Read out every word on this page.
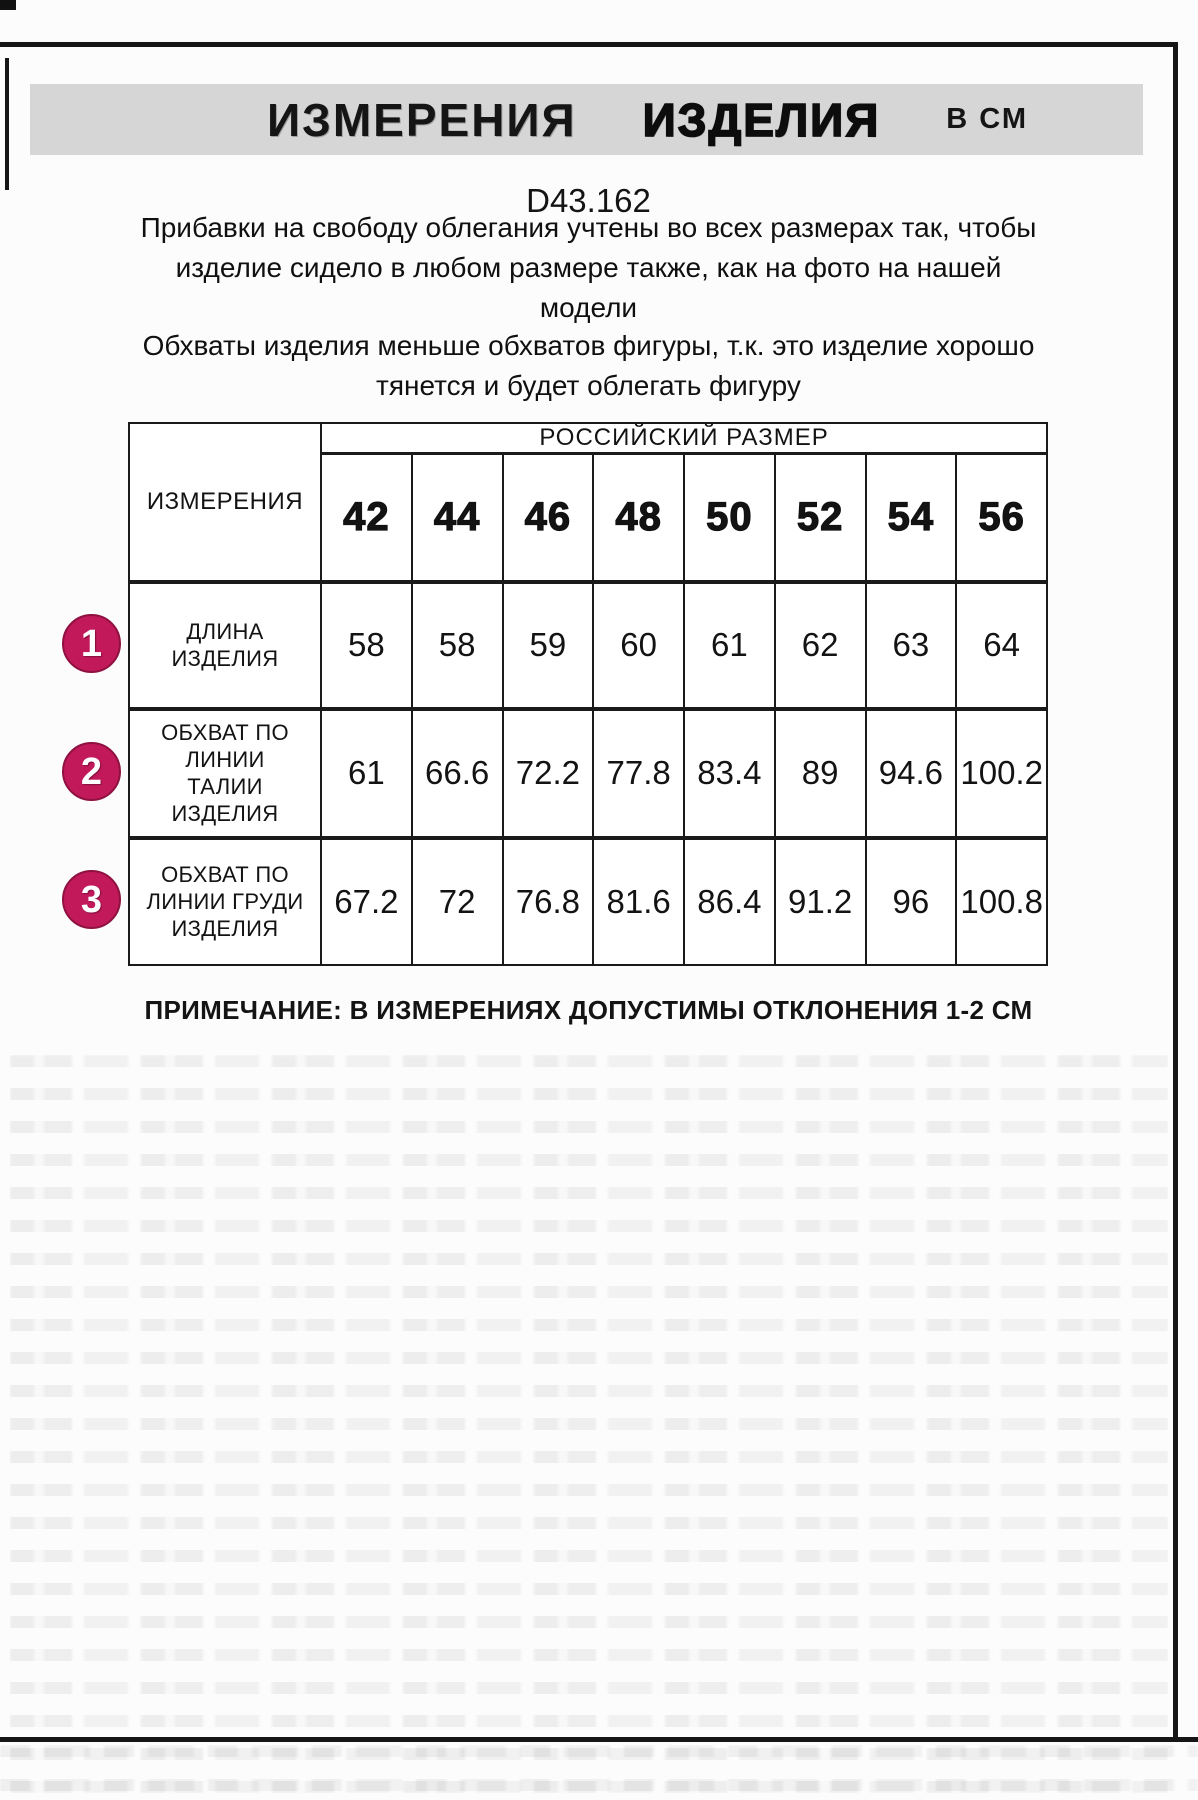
ИЗМЕРЕНИЯ ИЗДЕЛИЯ В СМ
D43.162
Прибавки на свободу облегания учтены во всех размерах так, чтобы
изделие сидело в любом размере также, как на фото на нашей
модели
Обхваты изделия меньше обхватов фигуры, т.к. это изделие хорошо
тянется и будет облегать фигуру
ИЗМЕРЕНИЯ	РОССИЙСКИЙ РАЗМЕР							
	42	44	46	48	50	52	54	56
ДЛИНА ИЗДЕЛИЯ	58	58	59	60	61	62	63	64
ОБХВАТ ПО ЛИНИИ ТАЛИИ ИЗДЕЛИЯ	61	66.6	72.2	77.8	83.4	89	94.6	100.2
ОБХВАТ ПО ЛИНИИ ГРУДИ ИЗДЕЛИЯ	67.2	72	76.8	81.6	86.4	91.2	96	100.8
1
2
3
ПРИМЕЧАНИЕ: В ИЗМЕРЕНИЯХ ДОПУСТИМЫ ОТКЛОНЕНИЯ 1-2 СМ
